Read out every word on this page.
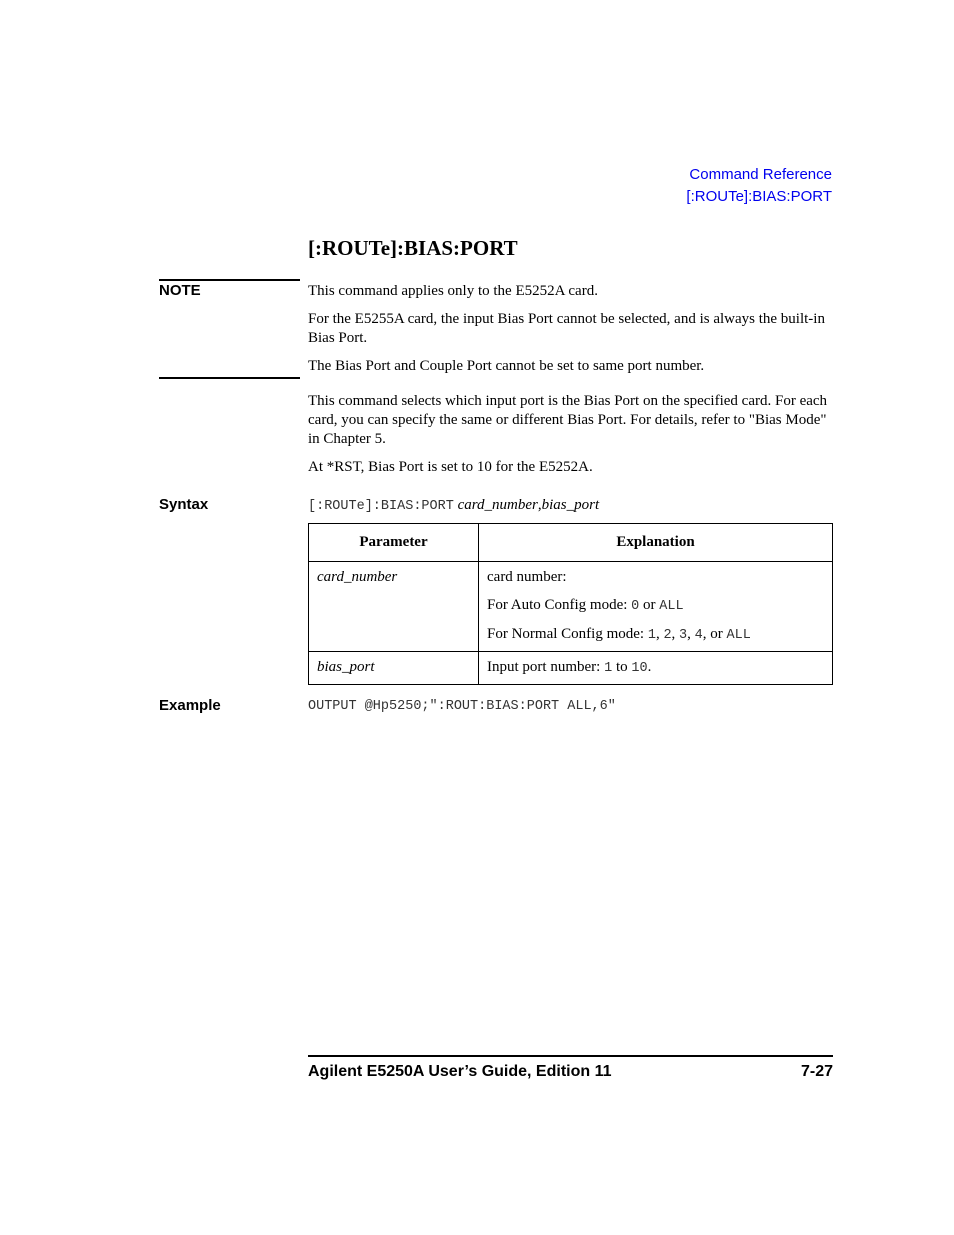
Command Reference
[:ROUTe]:BIAS:PORT
[:ROUTe]:BIAS:PORT
NOTE	This command applies only to the E5252A card.
For the E5255A card, the input Bias Port cannot be selected, and is always the built-in Bias Port.
The Bias Port and Couple Port cannot be set to same port number.
This command selects which input port is the Bias Port on the specified card. For each card, you can specify the same or different Bias Port. For details, refer to "Bias Mode" in Chapter 5.
At *RST, Bias Port is set to 10 for the E5252A.
Syntax	[:ROUTe]:BIAS:PORT card_number,bias_port
Parameter	Explanation
card_number	card number:

For Auto Config mode: 0 or ALL

For Normal Config mode: 1, 2, 3, 4, or ALL

bias_port	Input port number: 1 to 10.
Example	OUTPUT @Hp5250;":ROUT:BIAS:PORT ALL,6"
Agilent E5250A User’s Guide, Edition 11	7-27
